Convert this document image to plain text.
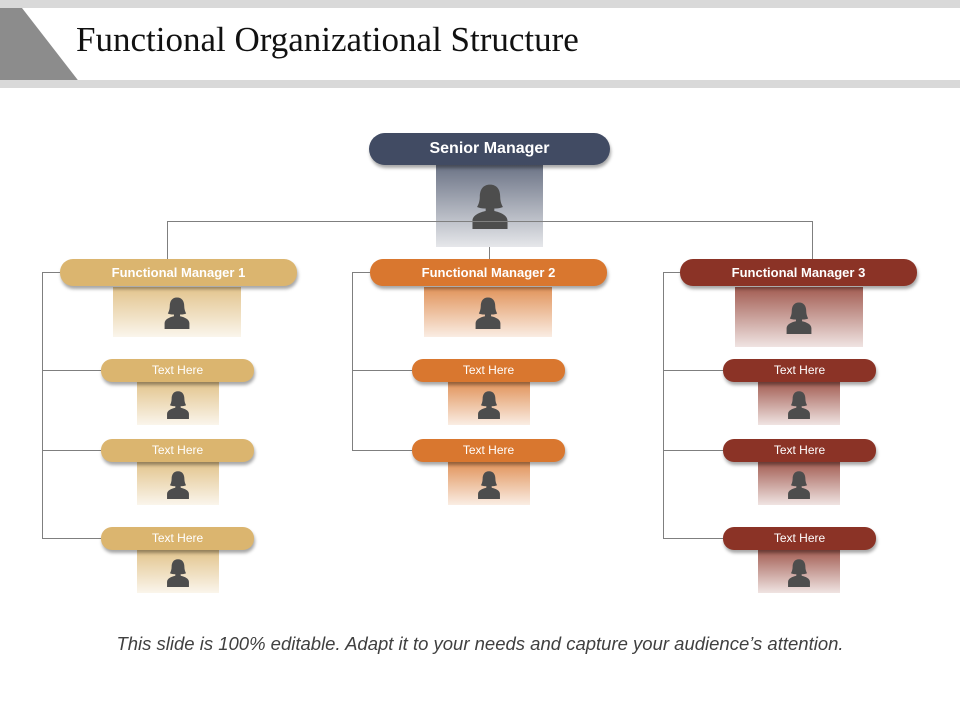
Functional Organizational Structure
Senior Manager
Functional Manager 1
Text Here
Text Here
Text Here
Functional Manager 2
Text Here
Text Here
Functional Manager 3
Text Here
Text Here
Text Here
This slide is 100% editable. Adapt it to your needs and capture your audience’s attention.
